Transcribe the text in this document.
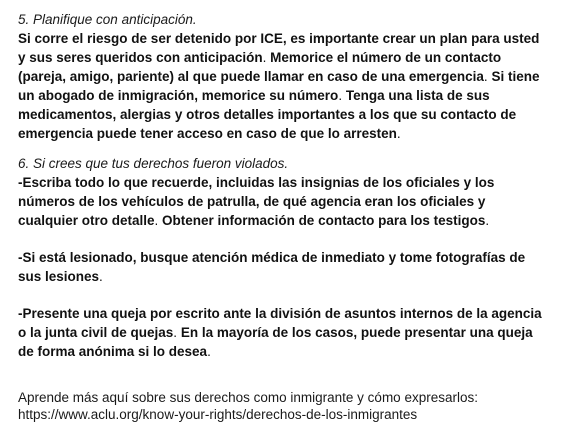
5. Planifique con anticipación.

Si corre el riesgo de ser detenido por ICE, es importante crear un plan para usted y sus seres queridos con anticipación. Memorice el número de un contacto (pareja, amigo, pariente) al que puede llamar en caso de una emergencia. Si tiene un abogado de inmigración, memorice su número. Tenga una lista de sus medicamentos, alergias y otros detalles importantes a los que su contacto de emergencia puede tener acceso en caso de que lo arresten.

6. Si crees que tus derechos fueron violados.

-Escriba todo lo que recuerde, incluidas las insignias de los oficiales y los números de los vehículos de patrulla, de qué agencia eran los oficiales y cualquier otro detalle. Obtener información de contacto para los testigos.

-Si está lesionado, busque atención médica de inmediato y tome fotografías de sus lesiones.

-Presente una queja por escrito ante la división de asuntos internos de la agencia o la junta civil de quejas. En la mayoría de los casos, puede presentar una queja de forma anónima si lo desea.

Aprende más aquí sobre sus derechos como inmigrante y cómo expresarlos:
https://www.aclu.org/know-your-rights/derechos-de-los-inmigrantes
